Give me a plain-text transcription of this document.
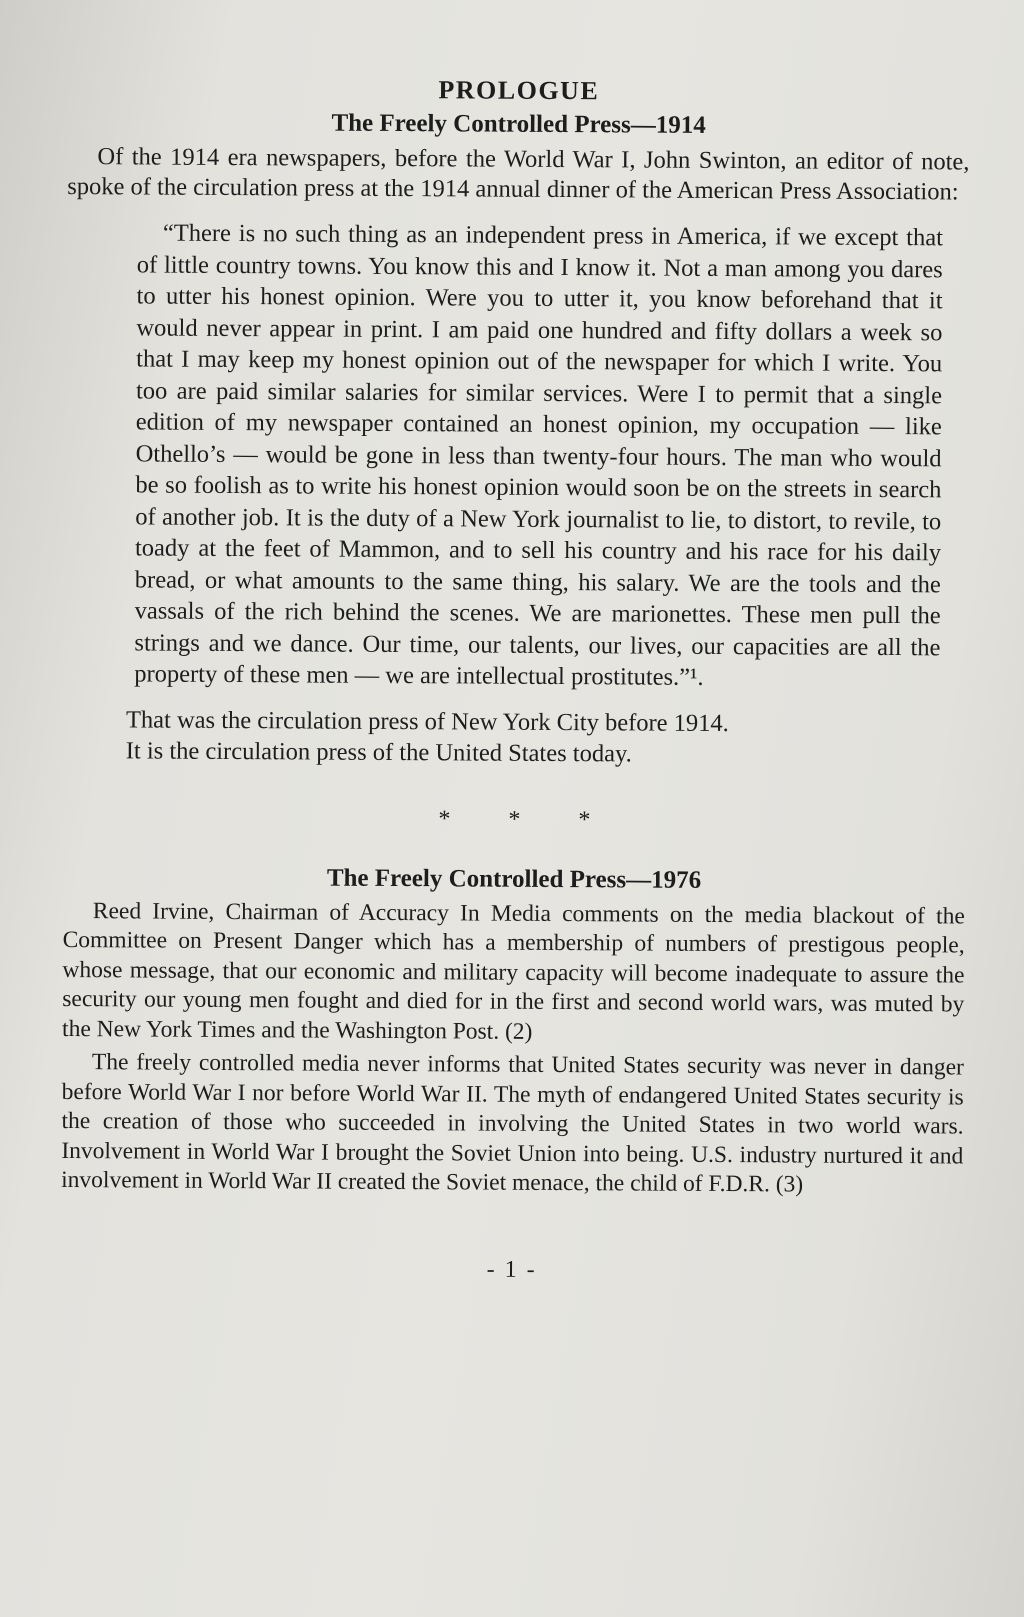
PROLOGUE
The Freely Controlled Press—1914

Of the 1914 era newspapers, before the World War I, John Swinton, an editor of note, spoke of the circulation press at the 1914 annual dinner of the American Press Association:

“There is no such thing as an independent press in America, if we except that of little country towns. You know this and I know it. Not a man among you dares to utter his honest opinion. Were you to utter it, you know beforehand that it would never appear in print. I am paid one hundred and fifty dollars a week so that I may keep my honest opinion out of the newspaper for which I write. You too are paid similar salaries for similar services. Were I to permit that a single edition of my newspaper contained an honest opinion, my occupation — like Othello’s — would be gone in less than twenty-four hours. The man who would be so foolish as to write his honest opinion would soon be on the streets in search of another job. It is the duty of a New York journalist to lie, to distort, to revile, to toady at the feet of Mammon, and to sell his country and his race for his daily bread, or what amounts to the same thing, his salary. We are the tools and the vassals of the rich behind the scenes. We are marionettes. These men pull the strings and we dance. Our time, our talents, our lives, our capacities are all the property of these men — we are intellectual prostitutes.”¹.

That was the circulation press of New York City before 1914.

It is the circulation press of the United States today.

* * *
The Freely Controlled Press—1976

Reed Irvine, Chairman of Accuracy In Media comments on the media blackout of the Committee on Present Danger which has a membership of numbers of prestigous people, whose message, that our economic and military capacity will become inadequate to assure the security our young men fought and died for in the first and second world wars, was muted by the New York Times and the Washington Post. (2)

The freely controlled media never informs that United States security was never in danger before World War I nor before World War II. The myth of endangered United States security is the creation of those who succeeded in involving the United States in two world wars. Involvement in World War I brought the Soviet Union into being. U.S. industry nurtured it and involvement in World War II created the Soviet menace, the child of F.D.R. (3)

- 1 -
